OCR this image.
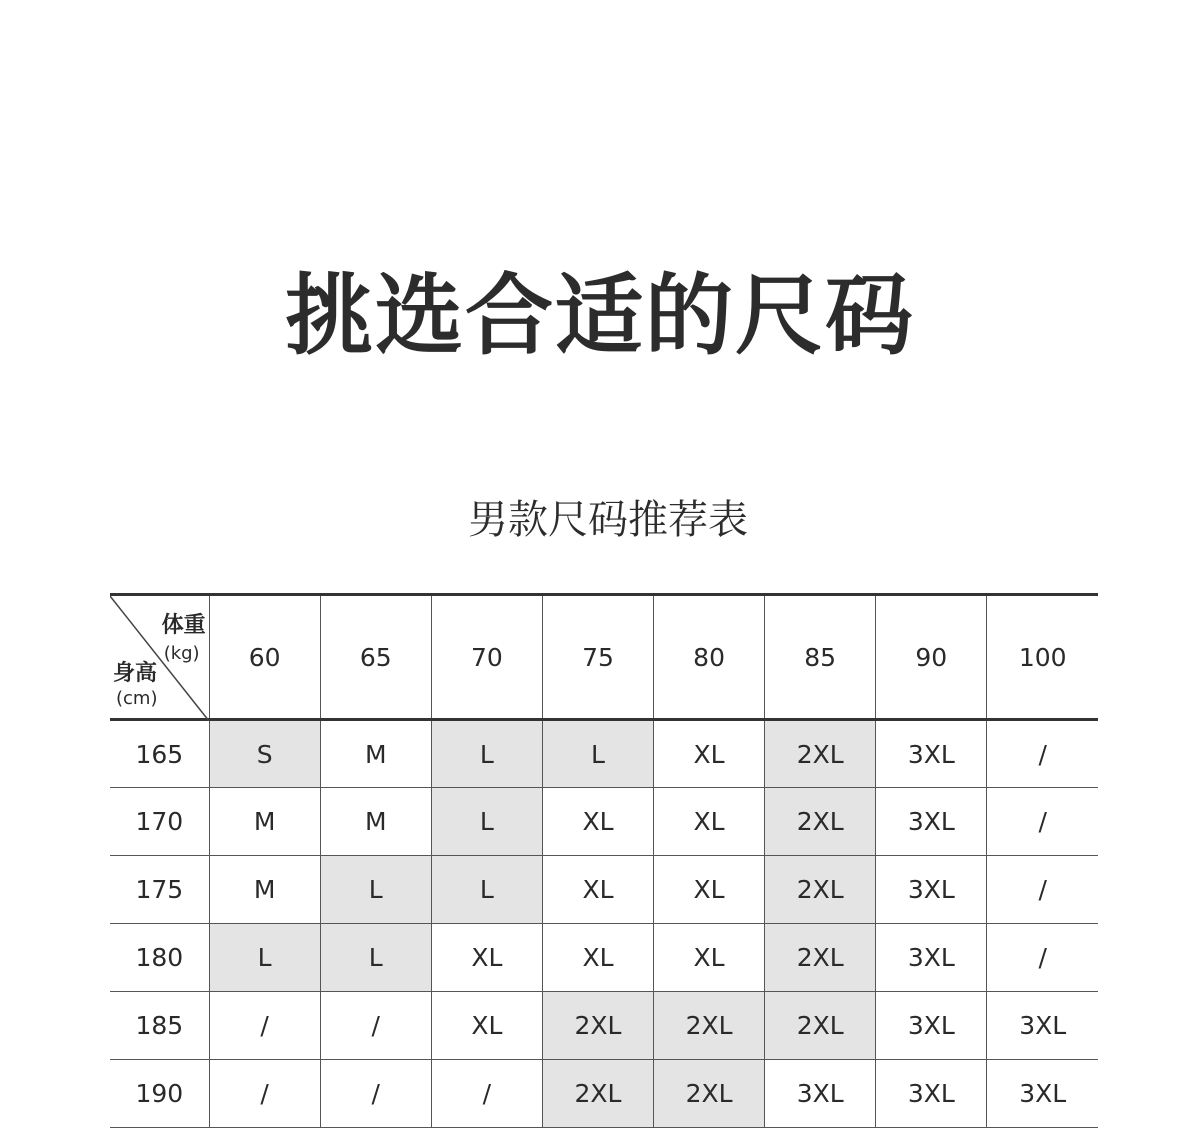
挑选合适的尺码
男款尺码推荐表
体重
(kg)
身高
(cm)	60	65	70	75	80	85	90	100
165	S	M	L	L	XL	2XL	3XL	/
170	M	M	L	XL	XL	2XL	3XL	/
175	M	L	L	XL	XL	2XL	3XL	/
180	L	L	XL	XL	XL	2XL	3XL	/
185	/	/	XL	2XL	2XL	2XL	3XL	3XL
190	/	/	/	2XL	2XL	3XL	3XL	3XL
